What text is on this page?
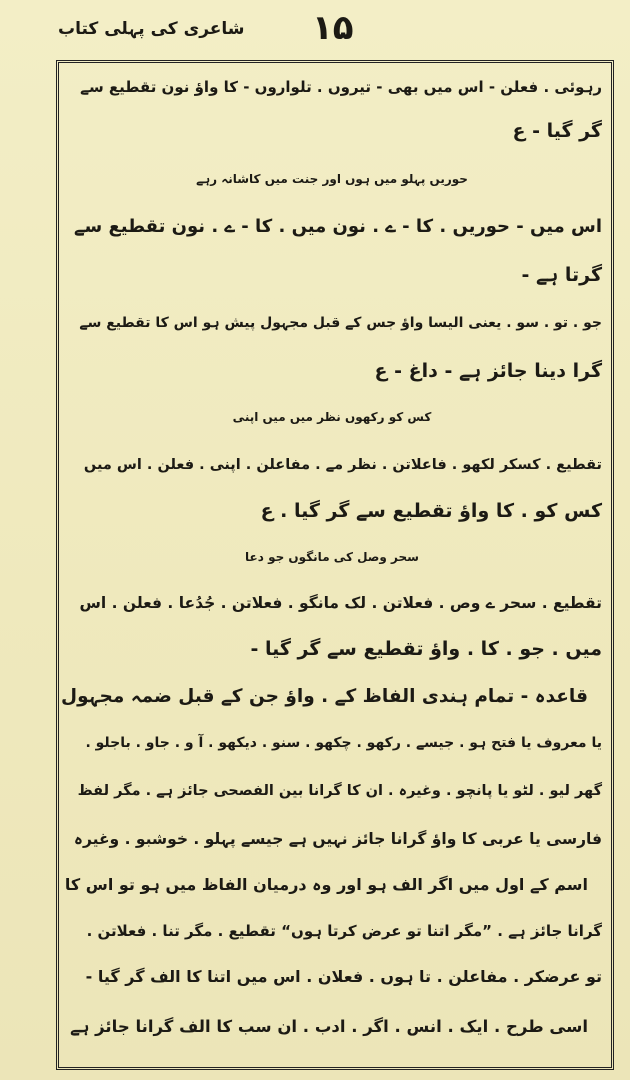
شاعری کی پہلی کتاب ۱۵
رہوئی . فعلن - اس میں بھی - تیروں . تلواروں - کا واؤ نون تقطیع سے
گر گیا - ع
حوریں پہلو میں ہوں اور جنت میں کاشانہ رہے
اس میں - حوریں . کا - ے . نون میں . کا - ے . نون تقطیع سے
گرتا ہے -
جو . تو . سو . یعنی الیسا واؤ جس کے قبل مجہول پیش ہو اس کا تقطیع سے
گرا دینا جائز ہے - داغ - ع
کس کو رکھوں نظر میں میں اپنی
تقطیع . کسکر لکھو . فاعلاتن . نظر مے . مفاعلن . اپنی . فعلن . اس میں
کس کو . کا واؤ تقطیع سے گر گیا . ع
سحر وصل کی مانگوں جو دعا
تقطیع . سحر ے وص . فعلاتن . لک مانگو . فعلاتن . جُدُعا . فعلن . اس
میں . جو . کا . واؤ تقطیع سے گر گیا -
قاعدہ - تمام ہندی الفاظ کے . واؤ جن کے قبل ضمہ مجہول
یا معروف یا فتح ہو . جیسے . رکھو . چکھو . سنو . دیکھو . آ و . جاو . باجلو .
گھر لیو . لٹو یا پانچو . وغیرہ . ان کا گرانا بین الفصحی جائز ہے . مگر لفظ
فارسی یا عربی کا واؤ گرانا جائز نہیں ہے جیسے پہلو . خوشبو . وغیرہ
اسم کے اول میں اگر الف ہو اور وہ درمیان الفاظ میں ہو تو اس کا
گرانا جائز ہے . ”مگر اتنا تو عرض کرتا ہوں“ تقطیع . مگر تنا . فعلاتن .
تو عرضکر . مفاعلن . تا ہوں . فعلان . اس میں اتنا کا الف گر گیا -
اسی طرح . ایک . انس . اگر . ادب . ان سب کا الف گرانا جائز ہے
